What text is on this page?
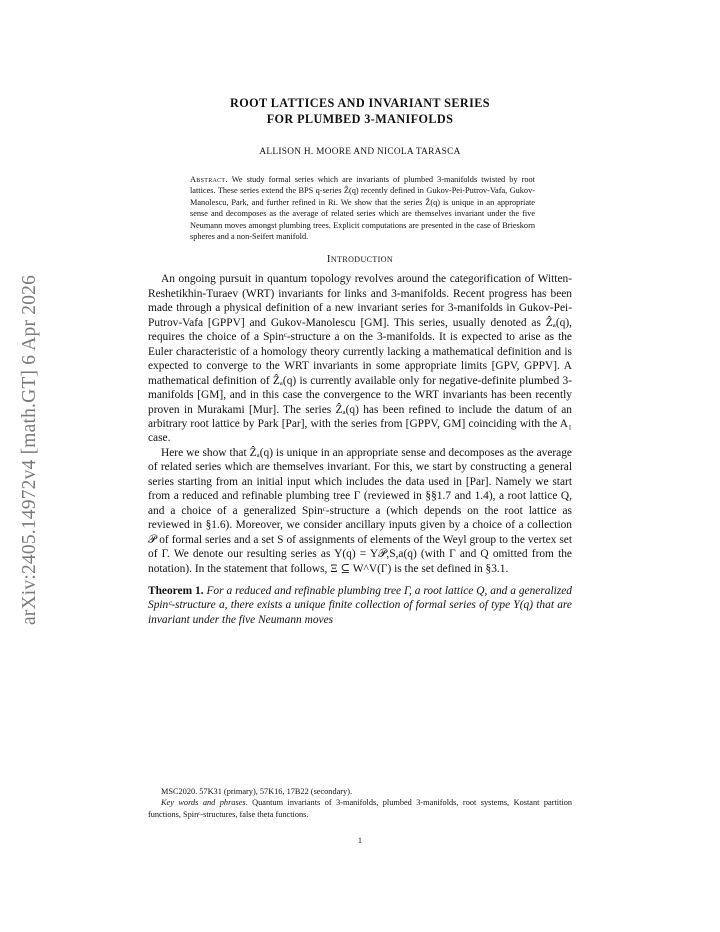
arXiv:2405.14972v4 [math.GT] 6 Apr 2026
ROOT LATTICES AND INVARIANT SERIES
FOR PLUMBED 3-MANIFOLDS
ALLISON H. MOORE AND NICOLA TARASCA
Abstract. We study formal series which are invariants of plumbed 3-manifolds twisted by root lattices. These series extend the BPS q-series Ẑ(q) recently defined in Gukov-Pei-Putrov-Vafa, Gukov-Manolescu, Park, and further refined in Ri. We show that the series Ẑ(q) is unique in an appropriate sense and decomposes as the average of related series which are themselves invariant under the five Neumann moves amongst plumbing trees. Explicit computations are presented in the case of Brieskorn spheres and a non-Seifert manifold.
Introduction

An ongoing pursuit in quantum topology revolves around the categorification of Witten-Reshetikhin-Turaev (WRT) invariants for links and 3-manifolds. Recent progress has been made through a physical definition of a new invariant series for 3-manifolds in Gukov-Pei-Putrov-Vafa [GPPV] and Gukov-Manolescu [GM]. This series, usually denoted as Ẑₐ(q), requires the choice of a Spinᶜ-structure a on the 3-manifolds. It is expected to arise as the Euler characteristic of a homology theory currently lacking a mathematical definition and is expected to converge to the WRT invariants in some appropriate limits [GPV, GPPV]. A mathematical definition of Ẑₐ(q) is currently available only for negative-definite plumbed 3-manifolds [GM], and in this case the convergence to the WRT invariants has been recently proven in Murakami [Mur]. The series Ẑₐ(q) has been refined to include the datum of an arbitrary root lattice by Park [Par], with the series from [GPPV, GM] coinciding with the A₁ case.

Here we show that Ẑₐ(q) is unique in an appropriate sense and decomposes as the average of related series which are themselves invariant. For this, we start by constructing a general series starting from an initial input which includes the data used in [Par]. Namely we start from a reduced and refinable plumbing tree Γ (reviewed in §§1.7 and 1.4), a root lattice Q, and a choice of a generalized Spinᶜ-structure a (which depends on the root lattice as reviewed in §1.6). Moreover, we consider ancillary inputs given by a choice of a collection 𝒫 of formal series and a set S of assignments of elements of the Weyl group to the vertex set of Γ. We denote our resulting series as Y(q) = Y𝒫,S,a(q) (with Γ and Q omitted from the notation). In the statement that follows, Ξ ⊆ W^V(Γ) is the set defined in §3.1.

Theorem 1. For a reduced and refinable plumbing tree Γ, a root lattice Q, and a generalized Spinᶜ-structure a, there exists a unique finite collection of formal series of type Y(q) that are invariant under the five Neumann moves

MSC2020. 57K31 (primary), 57K16, 17B22 (secondary).

Key words and phrases. Quantum invariants of 3-manifolds, plumbed 3-manifolds, root systems, Kostant partition functions, Spinᶜ-structures, false theta functions.

1
